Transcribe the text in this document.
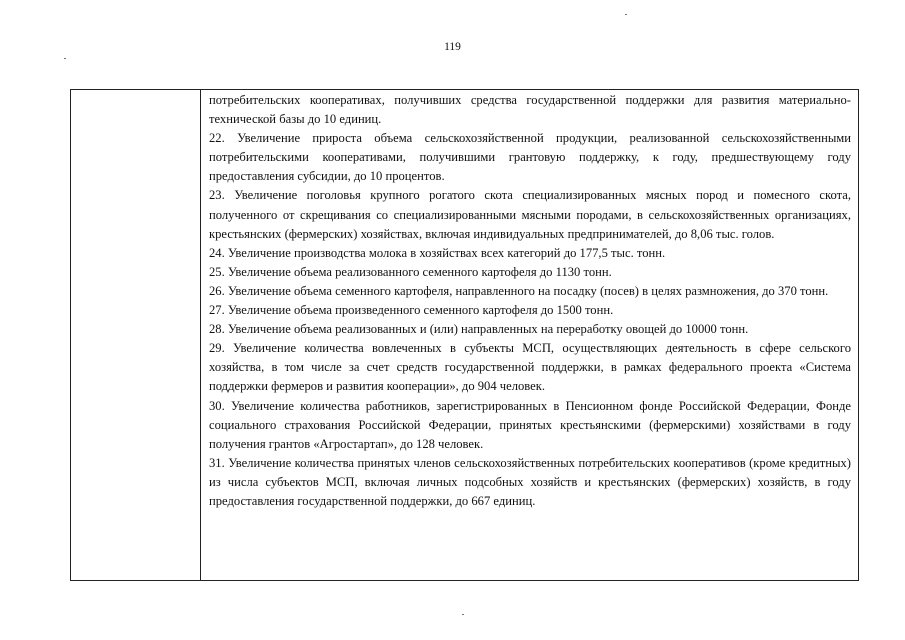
119

потребительских кооперативах, получивших средства государственной поддержки для развития материально-технической базы до 10 единиц.

22. Увеличение прироста объема сельскохозяйственной продукции, реализованной сельскохозяйственными потребительскими кооперативами, получившими грантовую поддержку, к году, предшествующему году предоставления субсидии, до 10 процентов.

23. Увеличение поголовья крупного рогатого скота специализированных мясных пород и помесного скота, полученного от скрещивания со специализированными мясными породами, в сельскохозяйственных организациях, крестьянских (фермерских) хозяйствах, включая индивидуальных предпринимателей, до 8,06 тыс. голов.

24. Увеличение производства молока в хозяйствах всех категорий до 177,5 тыс. тонн.

25. Увеличение объема реализованного семенного картофеля до 1130 тонн.

26. Увеличение объема семенного картофеля, направленного на посадку (посев) в целях размножения, до 370 тонн.

27. Увеличение объема произведенного семенного картофеля до 1500 тонн.

28. Увеличение объема реализованных и (или) направленных на переработку овощей до 10000 тонн.

29. Увеличение количества вовлеченных в субъекты МСП, осуществляющих деятельность в сфере сельского хозяйства, в том числе за счет средств государственной поддержки, в рамках федерального проекта «Система поддержки фермеров и развития кооперации», до 904 человек.

30. Увеличение количества работников, зарегистрированных в Пенсионном фонде Российской Федерации, Фонде социального страхования Российской Федерации, принятых крестьянскими (фермерскими) хозяйствами в году получения грантов «Агростартап», до 128 человек.

31. Увеличение количества принятых членов сельскохозяйственных потребительских кооперативов (кроме кредитных) из числа субъектов МСП, включая личных подсобных хозяйств и крестьянских (фермерских) хозяйств, в году предоставления государственной поддержки, до 667 единиц.
